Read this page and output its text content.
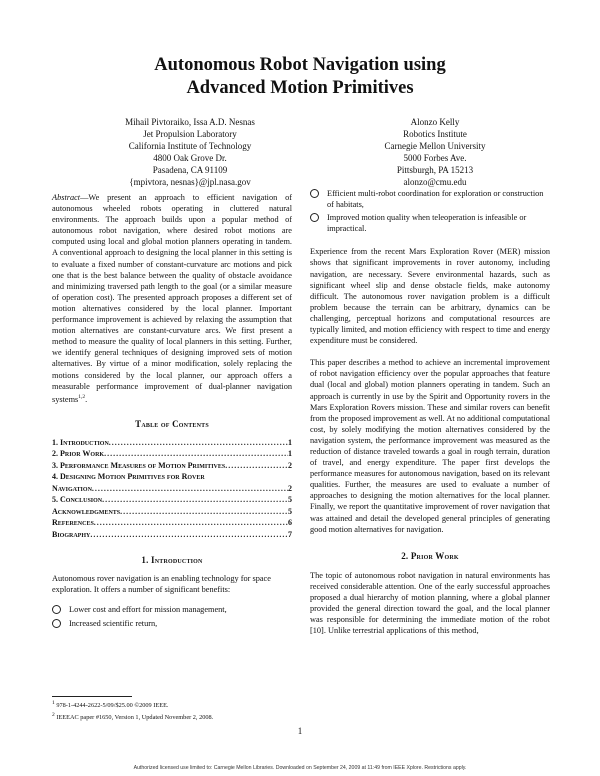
Autonomous Robot Navigation using
Advanced Motion Primitives
Mihail Pivtoraiko, Issa A.D. Nesnas
Jet Propulsion Laboratory
California Institute of Technology
4800 Oak Grove Dr.
Pasadena, CA 91109
{mpivtora, nesnas}@jpl.nasa.gov
Alonzo Kelly
Robotics Institute
Carnegie Mellon University
5000 Forbes Ave.
Pittsburgh, PA 15213
alonzo@cmu.edu

Abstract—We present an approach to efficient navigation of autonomous wheeled robots operating in cluttered natural environments. The approach builds upon a popular method of autonomous robot navigation, where desired robot motions are computed using local and global motion planners operating in tandem. A conventional approach to designing the local planner in this setting is to evaluate a fixed number of constant-curvature arc motions and pick one that is the best balance between the quality of obstacle avoidance and minimizing traversed path length to the goal (or a similar measure of operation cost). The presented approach proposes a different set of motion alternatives considered by the local planner. Important performance improvement is achieved by relaxing the assumption that motion alternatives are constant-curvature arcs. We first present a method to measure the quality of local planners in this setting. Further, we identify general techniques of designing improved sets of motion alternatives. By virtue of a minor modification, solely replacing the motions considered by the local planner, our approach offers a measurable performance improvement of dual-planner navigation systems$^{1,2}$.

Table of Contents
1. Introduction .....	1
2. Prior Work .....	1
3. Performance Measures of Motion Primitives .....	2
4. Designing Motion Primitives for Rover
Navigation .....	2
5. Conclusion .....	5
Acknowledgments .....	5
References .....	6
Biography .....	7
1. Introduction

Autonomous rover navigation is an enabling technology for space exploration. It offers a number of significant benefits:

Lower cost and effort for mission management,
Increased scientific return,
$^1$ 978-1-4244-2622-5/09/$25.00 ©2009 IEEE.
$^2$ IEEEAC paper #1650, Version 1, Updated November 2, 2008.
Efficient multi-robot coordination for exploration or construction of habitats,
Improved motion quality when teleoperation is infeasible or impractical.

Experience from the recent Mars Exploration Rover (MER) mission shows that significant improvements in rover autonomy, including navigation, are necessary. Severe environmental hazards, such as significant wheel slip and dense obstacle fields, make autonomy difficult. The autonomous rover navigation problem is a difficult problem because the terrain can be arbitrary, dynamics can be challenging, perceptual horizons and computational resources are typically limited, and motion efficiency with respect to time and energy expenditure must be considered.

This paper describes a method to achieve an incremental improvement of robot navigation efficiency over the popular approaches that feature dual (local and global) motion planners operating in tandem. Such an approach is currently in use by the Spirit and Opportunity rovers in the Mars Exploration Rovers mission. These and similar rovers can benefit from the proposed improvement as well. At no additional computational cost, by solely modifying the motion alternatives considered by the navigation system, the performance improvement was measured as the reduction of distance traveled towards a goal in rough terrain, duration of travel, and energy expenditure. The paper first develops the performance measures for autonomous navigation, based on its relevant qualities. Further, the measures are used to evaluate a number of approaches to designing the motion alternatives for the local planner. Finally, we report the quantitative improvement of rover navigation that was attained and detail the developed general principles of generating good motion alternatives for navigation.

2. Prior Work

The topic of autonomous robot navigation in natural environments has received considerable attention. One of the early successful approaches proposed a dual hierarchy of motion planning, where a global planner provided the general direction toward the goal, and the local planner was responsible for determining the immediate motion of the robot [10]. Unlike terrestrial applications of this method,

1
Authorized licensed use limited to: Carnegie Mellon Libraries. Downloaded on September 24, 2009 at 11:49 from IEEE Xplore. Restrictions apply.
